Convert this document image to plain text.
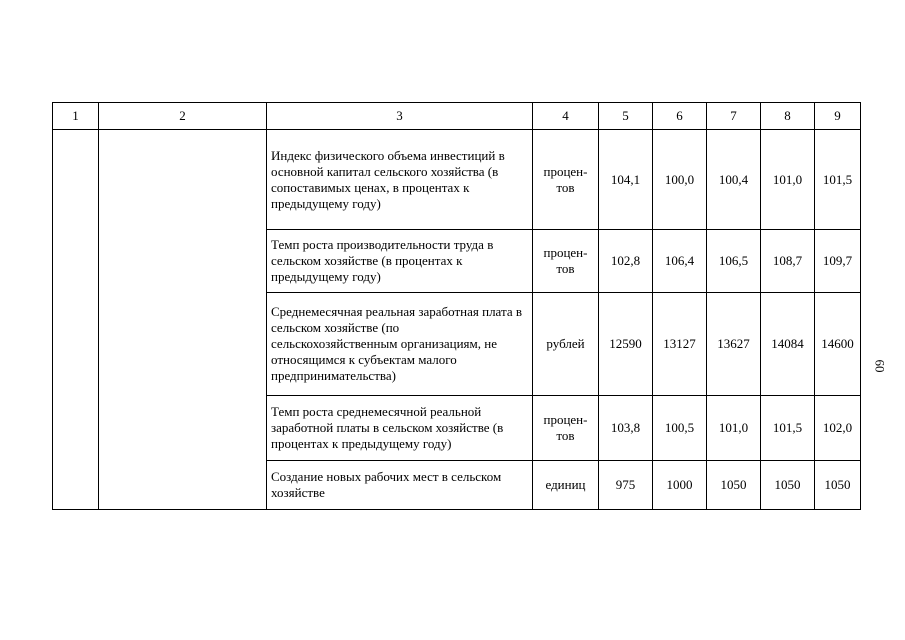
1	2	3	4	5	6	7	8	9
		Индекс физического объема инвестиций в основной капитал сельского хозяйства (в сопоставимых ценах, в процентах к предыдущему году)	процен-тов	104,1	100,0	100,4	101,0	101,5
		Темп роста производительности труда в сельском хозяйстве (в процентах к предыдущему году)	процен-тов	102,8	106,4	106,5	108,7	109,7
		Среднемесячная реальная заработная плата в сельском хозяйстве (по сельскохозяйственным организациям, не относящимся к субъектам малого предпринимательства)	рублей	12590	13127	13627	14084	14600
		Темп роста среднемесячной реальной заработной платы в сельском хозяйстве (в процентах к предыдущему году)	процен-тов	103,8	100,5	101,0	101,5	102,0
		Создание новых рабочих мест в сельском хозяйстве	единиц	975	1000	1050	1050	1050
60
